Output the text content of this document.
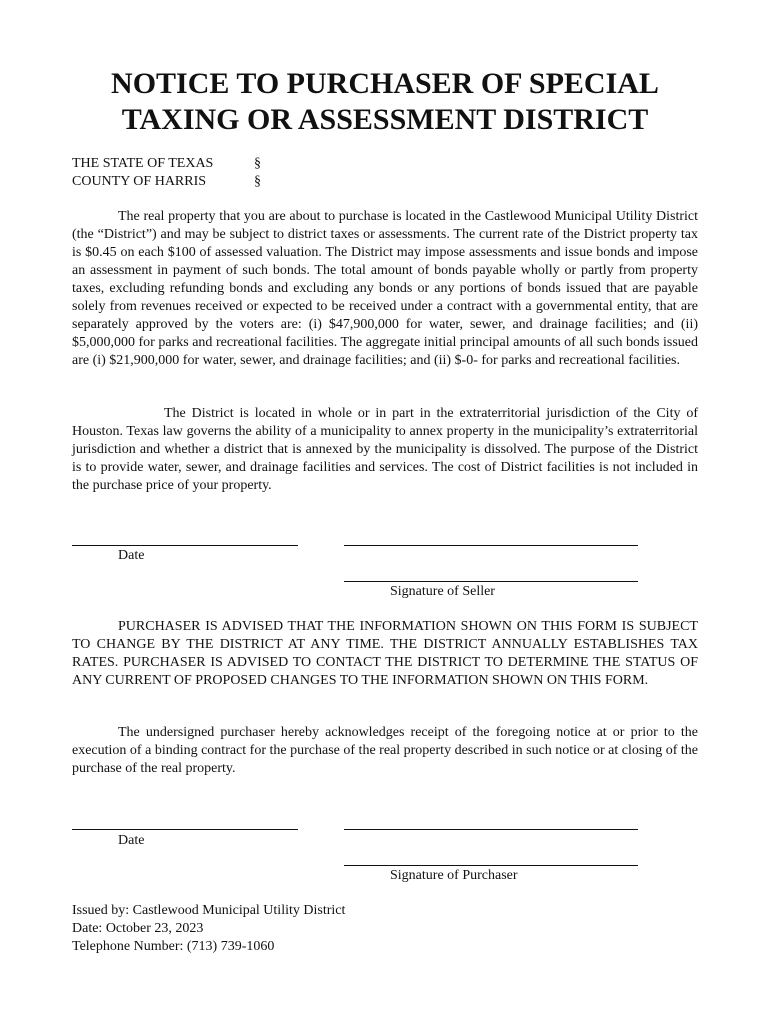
NOTICE TO PURCHASER OF SPECIAL TAXING OR ASSESSMENT DISTRICT
THE STATE OF TEXAS	§
COUNTY OF HARRIS	§

The real property that you are about to purchase is located in the Castlewood Municipal Utility District (the “District”) and may be subject to district taxes or assessments. The current rate of the District property tax is $0.45 on each $100 of assessed valuation. The District may impose assessments and issue bonds and impose an assessment in payment of such bonds. The total amount of bonds payable wholly or partly from property taxes, excluding refunding bonds and excluding any bonds or any portions of bonds issued that are payable solely from revenues received or expected to be received under a contract with a governmental entity, that are separately approved by the voters are: (i) $47,900,000 for water, sewer, and drainage facilities; and (ii) $5,000,000 for parks and recreational facilities. The aggregate initial principal amounts of all such bonds issued are (i) $21,900,000 for water, sewer, and drainage facilities; and (ii) $-0- for parks and recreational facilities.

The District is located in whole or in part in the extraterritorial jurisdiction of the City of Houston. Texas law governs the ability of a municipality to annex property in the municipality’s extraterritorial jurisdiction and whether a district that is annexed by the municipality is dissolved. The purpose of the District is to provide water, sewer, and drainage facilities and services. The cost of District facilities is not included in the purchase price of your property.

Date
Signature of Seller

PURCHASER IS ADVISED THAT THE INFORMATION SHOWN ON THIS FORM IS SUBJECT TO CHANGE BY THE DISTRICT AT ANY TIME. THE DISTRICT ANNUALLY ESTABLISHES TAX RATES. PURCHASER IS ADVISED TO CONTACT THE DISTRICT TO DETERMINE THE STATUS OF ANY CURRENT OF PROPOSED CHANGES TO THE INFORMATION SHOWN ON THIS FORM.

The undersigned purchaser hereby acknowledges receipt of the foregoing notice at or prior to the execution of a binding contract for the purchase of the real property described in such notice or at closing of the purchase of the real property.

Date
Signature of Purchaser
Issued by: Castlewood Municipal Utility District
Date: October 23, 2023
Telephone Number: (713) 739-1060
